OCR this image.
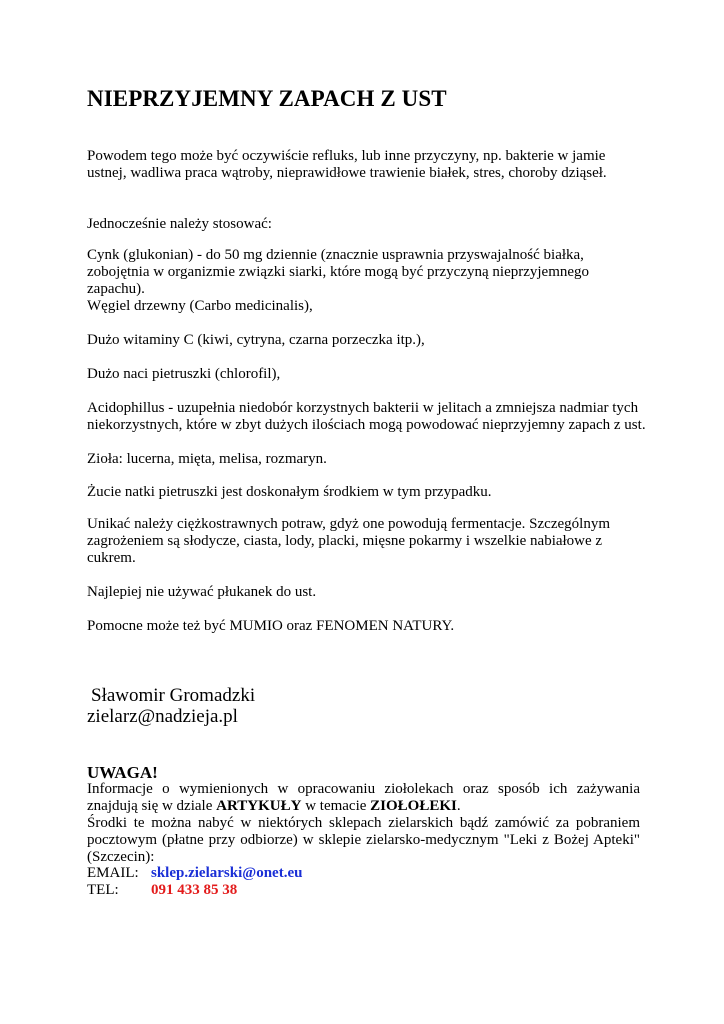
NIEPRZYJEMNY ZAPACH Z UST
Powodem tego może być oczywiście refluks, lub inne przyczyny, np. bakterie w jamie ustnej, wadliwa praca wątroby, nieprawidłowe trawienie białek, stres, choroby dziąseł.
Jednocześnie należy stosować:
Cynk (glukonian) - do 50 mg dziennie (znacznie usprawnia przyswajalność białka, zobojętnia w organizmie związki siarki, które mogą być przyczyną nieprzyjemnego zapachu).
Węgiel drzewny (Carbo medicinalis),
Dużo witaminy C (kiwi, cytryna, czarna porzeczka itp.),
Dużo naci pietruszki (chlorofil),
Acidophillus - uzupełnia niedobór korzystnych bakterii w jelitach a zmniejsza nadmiar tych niekorzystnych, które w zbyt dużych ilościach mogą powodować nieprzyjemny zapach z ust.
Zioła: lucerna, mięta, melisa, rozmaryn.
Żucie natki pietruszki jest doskonałym środkiem w tym przypadku.
Unikać należy ciężkostrawnych potraw, gdyż one powodują fermentacje. Szczególnym zagrożeniem są słodycze, ciasta, lody, placki, mięsne pokarmy i wszelkie nabiałowe z cukrem.
Najlepiej nie używać płukanek do ust.
Pomocne może też być MUMIO oraz FENOMEN NATURY.
Sławomir Gromadzki
zielarz@nadzieja.pl
UWAGA!

Informacje o wymienionych w opracowaniu ziołolekach oraz sposób ich zażywania znajdują się w dziale ARTYKUŁY w temacie ZIOŁOŁEKI.

Środki te można nabyć w niektórych sklepach zielarskich bądź zamówić za pobraniem pocztowym (płatne przy odbiorze) w sklepie zielarsko-medycznym "Leki z Bożej Apteki" (Szczecin):

EMAIL: sklep.zielarski@onet.eu
TEL: 091 433 85 38
